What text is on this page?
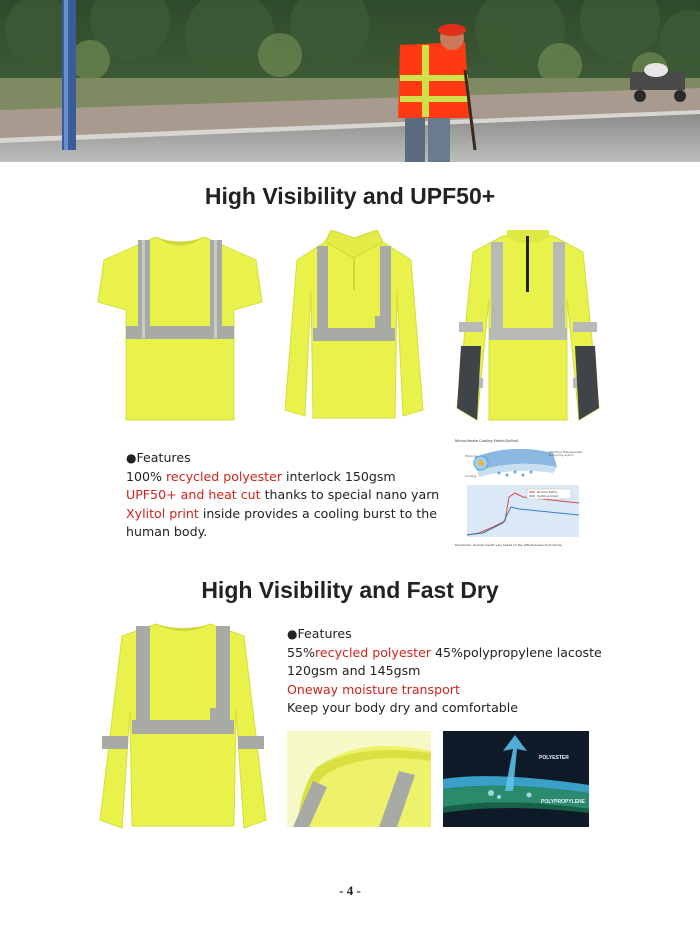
High Visibility and UPF50+
●Features
100% recycled polyester interlock 150gsm
UPF50+ and heat cut thanks to special nano yarn
Xylitol print inside provides a cooling burst to the
human body.
Microclimate Cooling Fabric(Xylitol)
Wicking
Cooling
Moisture Management & Cooling action
Normal Fabric
Xylitol-printed
Disclaimer: Overall results vary based on the effectiveness of products.
High Visibility and Fast Dry
●Features
55%recycled polyester 45%polypropylene lacoste
120gsm and 145gsm
Oneway moisture transport
Keep your body dry and comfortable
POLYESTER
POLYPROPYLENE
- 4 -
